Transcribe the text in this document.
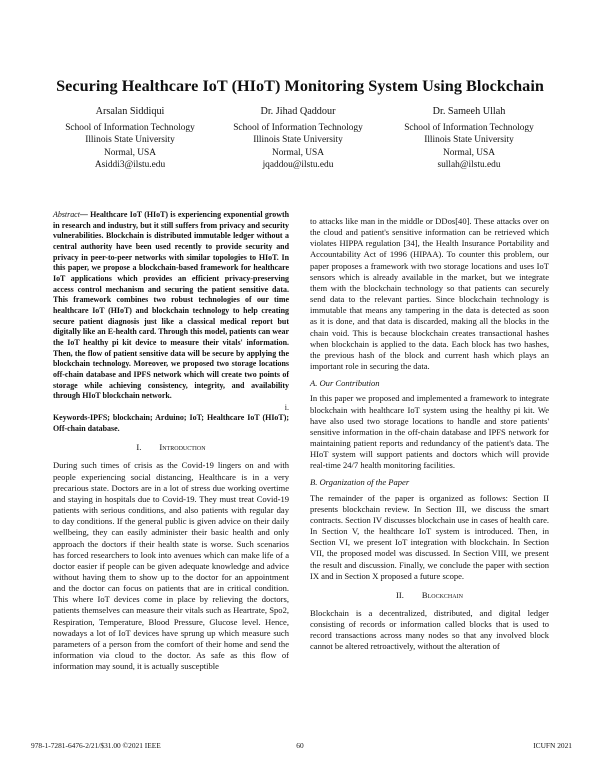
Securing Healthcare IoT (HIoT) Monitoring System Using Blockchain
Arsalan Siddiqui
School of Information Technology
Illinois State University
Normal, USA
Asiddi3@ilstu.edu
Dr. Jihad Qaddour
School of Information Technology
Illinois State University
Normal, USA
jqaddou@ilstu.edu
Dr. Sameeh Ullah
School of Information Technology
Illinois State University
Normal, USA
sullah@ilstu.edu

Abstract— Healthcare IoT (HIoT) is experiencing exponential growth in research and industry, but it still suffers from privacy and security vulnerabilities. Blockchain is distributed immutable ledger without a central authority have been used recently to provide security and privacy in peer-to-peer networks with similar topologies to HIoT. In this paper, we propose a blockchain-based framework for healthcare IoT applications which provides an efficient privacy-preserving access control mechanism and securing the patient sensitive data. This framework combines two robust technologies of our time healthcare IoT (HIoT) and blockchain technology to help creating secure patient diagnosis just like a classical medical report but digitally like an E-health card. Through this model, patients can wear the IoT healthy pi kit device to measure their vitals' information. Then, the flow of patient sensitive data will be secure by applying the blockchain technology. Moreover, we proposed two storage locations off-chain database and IPFS network which will create two points of storage while achieving consistency, integrity, and availability through HIoT blockchain network.

i.

Keywords-IPFS; blockchain; Arduino; IoT; Healthcare IoT (HIoT); Off-chain database.

I. Introduction

During such times of crisis as the Covid-19 lingers on and with people experiencing social distancing, Healthcare is in a very precarious state. Doctors are in a lot of stress due working overtime and staying in hospitals due to Covid-19. They must treat Covid-19 patients with serious conditions, and also patients with regular day to day conditions. If the general public is given advice on their daily wellbeing, they can easily administer their basic health and only approach the doctors if their health state is worse. Such scenarios has forced researchers to look into avenues which can make life of a doctor easier if people can be given adequate knowledge and advice without having them to show up to the doctor for an appointment and the doctor can focus on patients that are in critical condition. This where IoT devices come in place by relieving the doctors, patients themselves can measure their vitals such as Heartrate, Spo2, Respiration, Temperature, Blood Pressure, Glucose level. Hence, nowadays a lot of IoT devices have sprung up which measure such parameters of a person from the comfort of their home and send the information via cloud to the doctor. As safe as this flow of information may sound, it is actually susceptible

to attacks like man in the middle or DDos[40]. These attacks over on the cloud and patient's sensitive information can be retrieved which violates HIPPA regulation [34], the Health Insurance Portability and Accountability Act of 1996 (HIPAA). To counter this problem, our paper proposes a framework with two storage locations and uses IoT sensors which is already available in the market, but we integrate them with the blockchain technology so that patients can securely send data to the relevant parties. Since blockchain technology is immutable that means any tampering in the data is detected as soon as it is done, and that data is discarded, making all the blocks in the chain void. This is because blockchain creates transactional hashes when blockchain is applied to the data. Each block has two hashes, the previous hash of the block and current hash which plays an important role in securing the data.

A. Our Contribution

In this paper we proposed and implemented a framework to integrate blockchain with healthcare IoT system using the healthy pi kit. We have also used two storage locations to handle and store patients' sensitive information in the off-chain database and IPFS network for maintaining patient reports and redundancy of the patient's data. The HIoT system will support patients and doctors which will provide real-time 24/7 health monitoring facilities.

B. Organization of the Paper

The remainder of the paper is organized as follows: Section II presents blockchain review. In Section III, we discuss the smart contracts. Section IV discusses blockchain use in cases of health care. In Section V, the healthcare IoT system is introduced. Then, in Section VI, we present IoT integration with blockchain. In Section VII, the proposed model was discussed. In Section VIII, we present the result and discussion. Finally, we conclude the paper with section IX and in Section X proposed a future scope.

II. Blockchain

Blockchain is a decentralized, distributed, and digital ledger consisting of records or information called blocks that is used to record transactions across many nodes so that any involved block cannot be altered retroactively, without the alteration of

978-1-7281-6476-2/21/$31.00 ©2021 IEEE	60	ICUFN 2021
